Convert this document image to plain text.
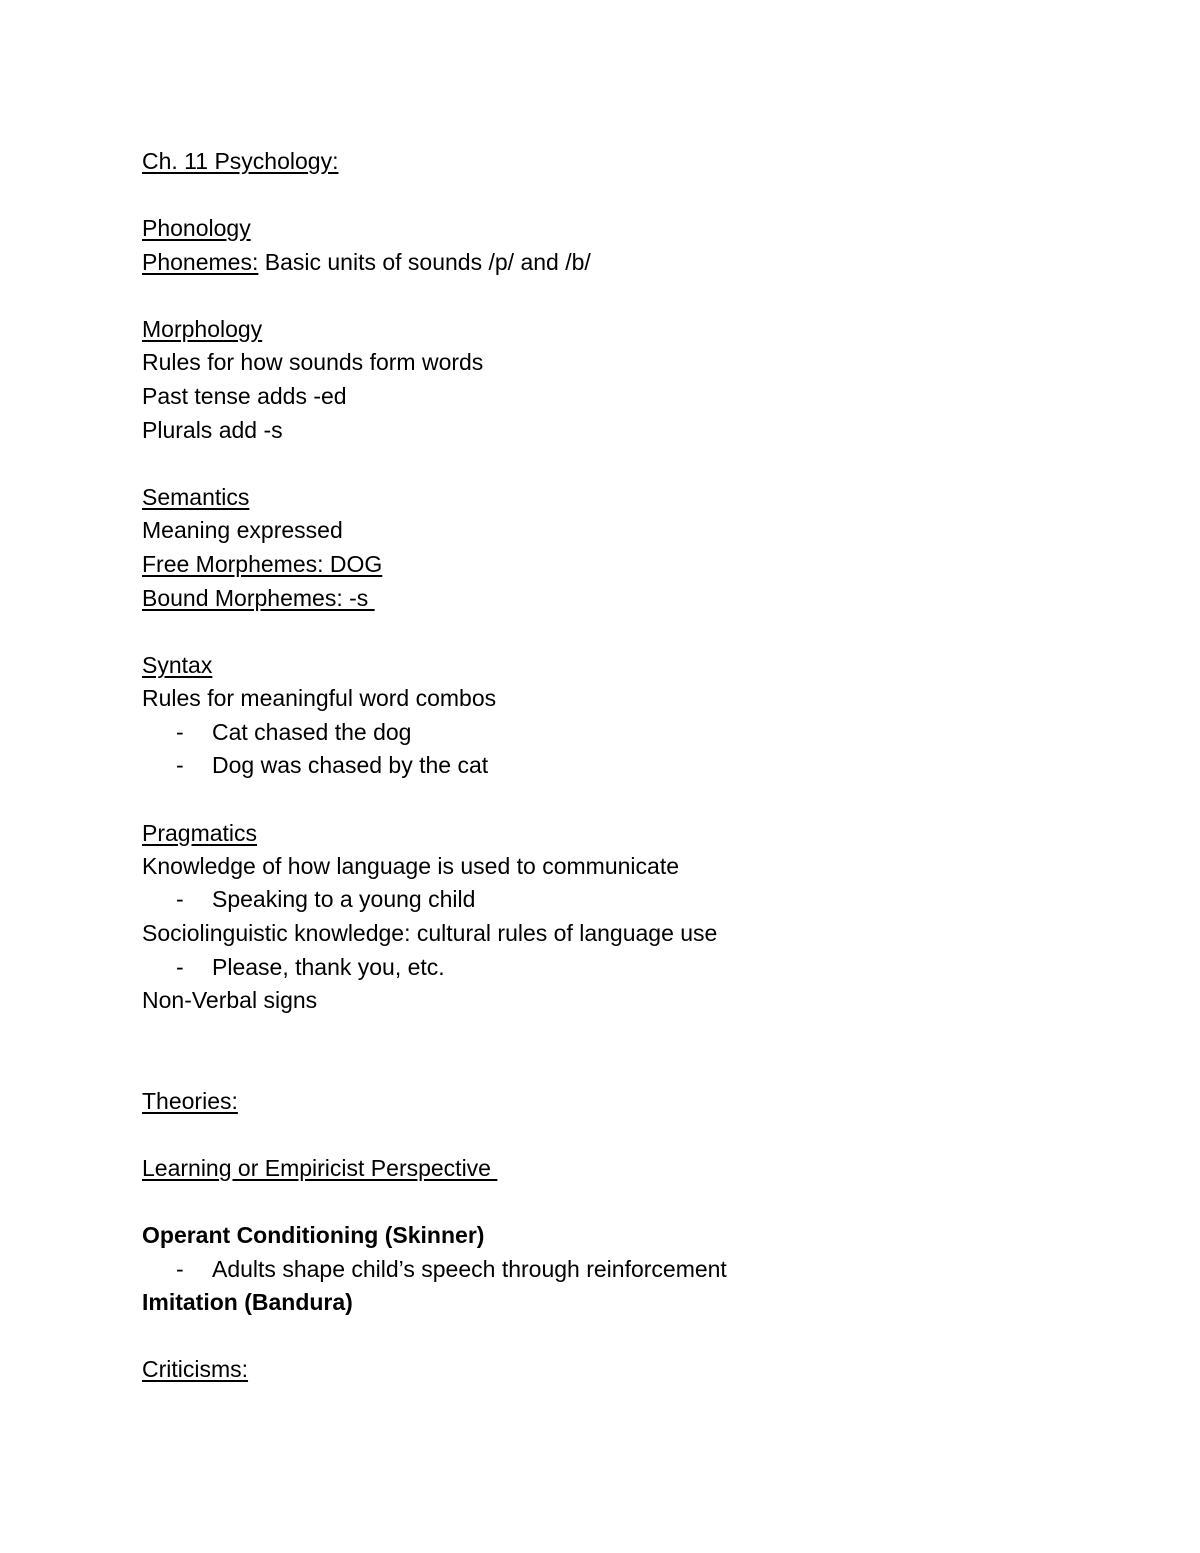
Ch. 11 Psychology:
Phonology
Phonemes: Basic units of sounds /p/ and /b/
Morphology
Rules for how sounds form words
Past tense adds -ed
Plurals add -s
Semantics
Meaning expressed
Free Morphemes: DOG
Bound Morphemes: -s
Syntax
Rules for meaningful word combos
- Cat chased the dog
- Dog was chased by the cat
Pragmatics
Knowledge of how language is used to communicate
- Speaking to a young child
Sociolinguistic knowledge: cultural rules of language use
- Please, thank you, etc.
Non-Verbal signs
Theories:
Learning or Empiricist Perspective
Operant Conditioning (Skinner)
- Adults shape child’s speech through reinforcement
Imitation (Bandura)
Criticisms:
